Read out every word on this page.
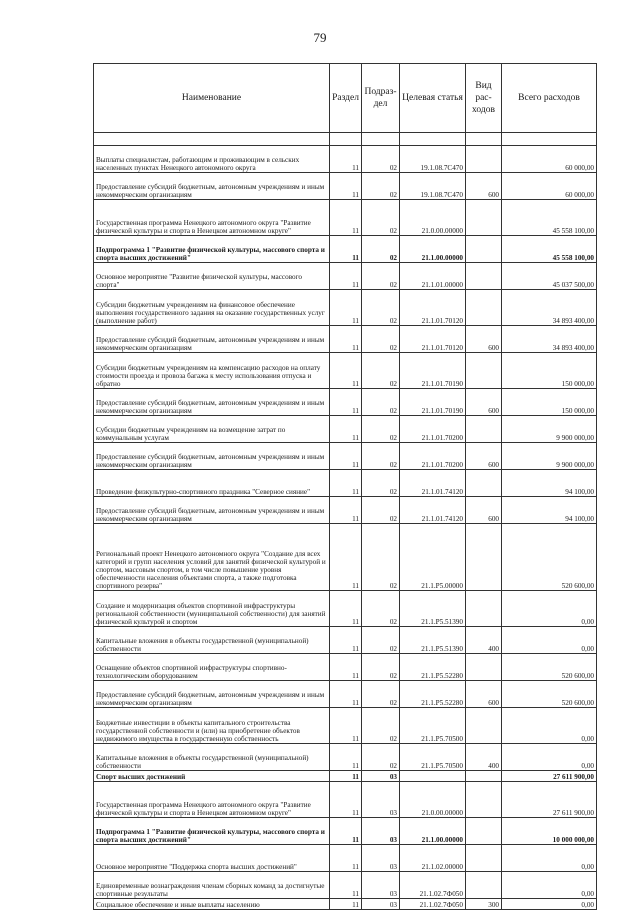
79
Наименование	Раздел	Подраз-дел	Целевая статья	Вид рас-ходов	Всего расходов

Выплаты специалистам, работающим и проживающим в сельских населенных пунктах Ненецкого автономного округа	11	02	19.1.08.7С470		60 000,00
Предоставление субсидий бюджетным, автономным учреждениям и иным некоммерческим организациям	11	02	19.1.08.7С470	600	60 000,00
Государственная программа Ненецкого автономного округа "Развитие физической культуры и спорта в Ненецком автономном округе"	11	02	21.0.00.00000		45 558 100,00
Подпрограмма 1 "Развитие физической культуры, массового спорта и спорта высших достижений"	11	02	21.1.00.00000		45 558 100,00
Основное мероприятие "Развитие физической культуры, массового спорта"	11	02	21.1.01.00000		45 037 500,00
Субсидии бюджетным учреждениям на финансовое обеспечение выполнения государственного задания на оказание государственных услуг (выполнение работ)	11	02	21.1.01.70120		34 893 400,00
Предоставление субсидий бюджетным, автономным учреждениям и иным некоммерческим организациям	11	02	21.1.01.70120	600	34 893 400,00
Субсидии бюджетным учреждениям на компенсацию расходов на оплату стоимости проезда и провоза багажа к месту использования отпуска и обратно	11	02	21.1.01.70190		150 000,00
Предоставление субсидий бюджетным, автономным учреждениям и иным некоммерческим организациям	11	02	21.1.01.70190	600	150 000,00
Субсидии бюджетным учреждениям на возмещение затрат по коммунальным услугам	11	02	21.1.01.70200		9 900 000,00
Предоставление субсидий бюджетным, автономным учреждениям и иным некоммерческим организациям	11	02	21.1.01.70200	600	9 900 000,00
Проведение физкультурно-спортивного праздника "Северное сияние"	11	02	21.1.01.74120		94 100,00
Предоставление субсидий бюджетным, автономным учреждениям и иным некоммерческим организациям	11	02	21.1.01.74120	600	94 100,00
Региональный проект Ненецкого автономного округа "Создание для всех категорий и групп населения условий для занятий физической культурой и спортом, массовым спортом, в том числе повышение уровня обеспеченности населения объектами спорта, а также подготовка спортивного резерва"	11	02	21.1.P5.00000		520 600,00
Создание и модернизация объектов спортивной инфраструктуры региональной собственности (муниципальной собственности) для занятий физической культурой и спортом	11	02	21.1.P5.51390		0,00
Капитальные вложения в объекты государственной (муниципальной) собственности	11	02	21.1.P5.51390	400	0,00
Оснащение объектов спортивной инфраструктуры спортивно-технологическим оборудованием	11	02	21.1.P5.52280		520 600,00
Предоставление субсидий бюджетным, автономным учреждениям и иным некоммерческим организациям	11	02	21.1.P5.52280	600	520 600,00
Бюджетные инвестиции в объекты капитального строительства государственной собственности и (или) на приобретение объектов недвижимого имущества в государственную собственность	11	02	21.1.P5.70500		0,00
Капитальные вложения в объекты государственной (муниципальной) собственности	11	02	21.1.P5.70500	400	0,00
Спорт высших достижений	11	03			27 611 900,00
Государственная программа Ненецкого автономного округа "Развитие физической культуры и спорта в Ненецком автономном округе"	11	03	21.0.00.00000		27 611 900,00
Подпрограмма 1 "Развитие физической культуры, массового спорта и спорта высших достижений"	11	03	21.1.00.00000		10 000 000,00
Основное мероприятие "Поддержка спорта высших достижений"	11	03	21.1.02.00000		0,00
Единовременные вознаграждения членам сборных команд за достигнутые спортивные результаты	11	03	21.1.02.7Ф050		0,00
Социальное обеспечение и иные выплаты населению	11	03	21.1.02.7Ф050	300	0,00
